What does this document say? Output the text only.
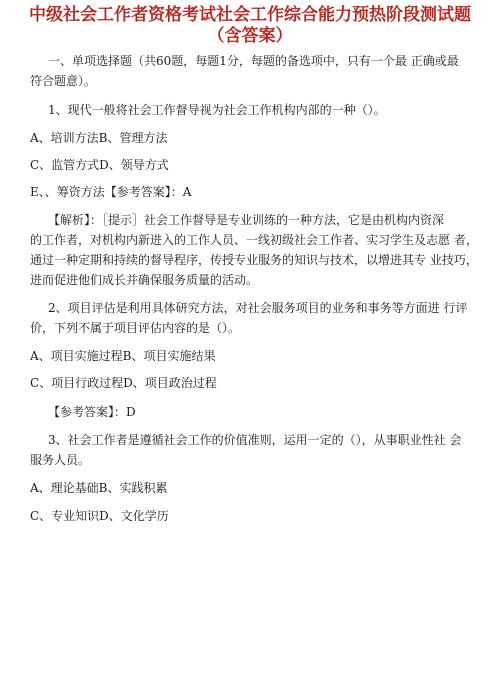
中级社会工作者资格考试社会工作综合能力预热阶段测试题
（含答案）
一、单项选择题（共60题，每题1分，每题的备选项中，只有一个最 正确或最
符合题意）。
1、现代一般将社会工作督导视为社会工作机构内部的一种（）。
A、培训方法B、管理方法
C、监管方式D、领导方式
E、、筹资方法【参考答案】：A
【解析】：［提示］社会工作督导是专业训练的一种方法，它是由机构内资深
的工作者，对机构内新进入的工作人员、一线初级社会工作者、实习学生及志愿 者，
通过一种定期和持续的督导程序，传授专业服务的知识与技术，以增进其专 业技巧，
进而促进他们成长并确保服务质量的活动。
2、项目评估是利用具体研究方法，对社会服务项目的业务和事务等方面进 行评
价，下列不属于项目评估内容的是（）。
A、项目实施过程B、项目实施结果
C、项目行政过程D、项目政治过程
【参考答案】：D
3、社会工作者是遵循社会工作的价值准则，运用一定的（），从事职业性社 会
服务人员。
A、理论基础B、实践积累
C、专业知识D、文化学历
